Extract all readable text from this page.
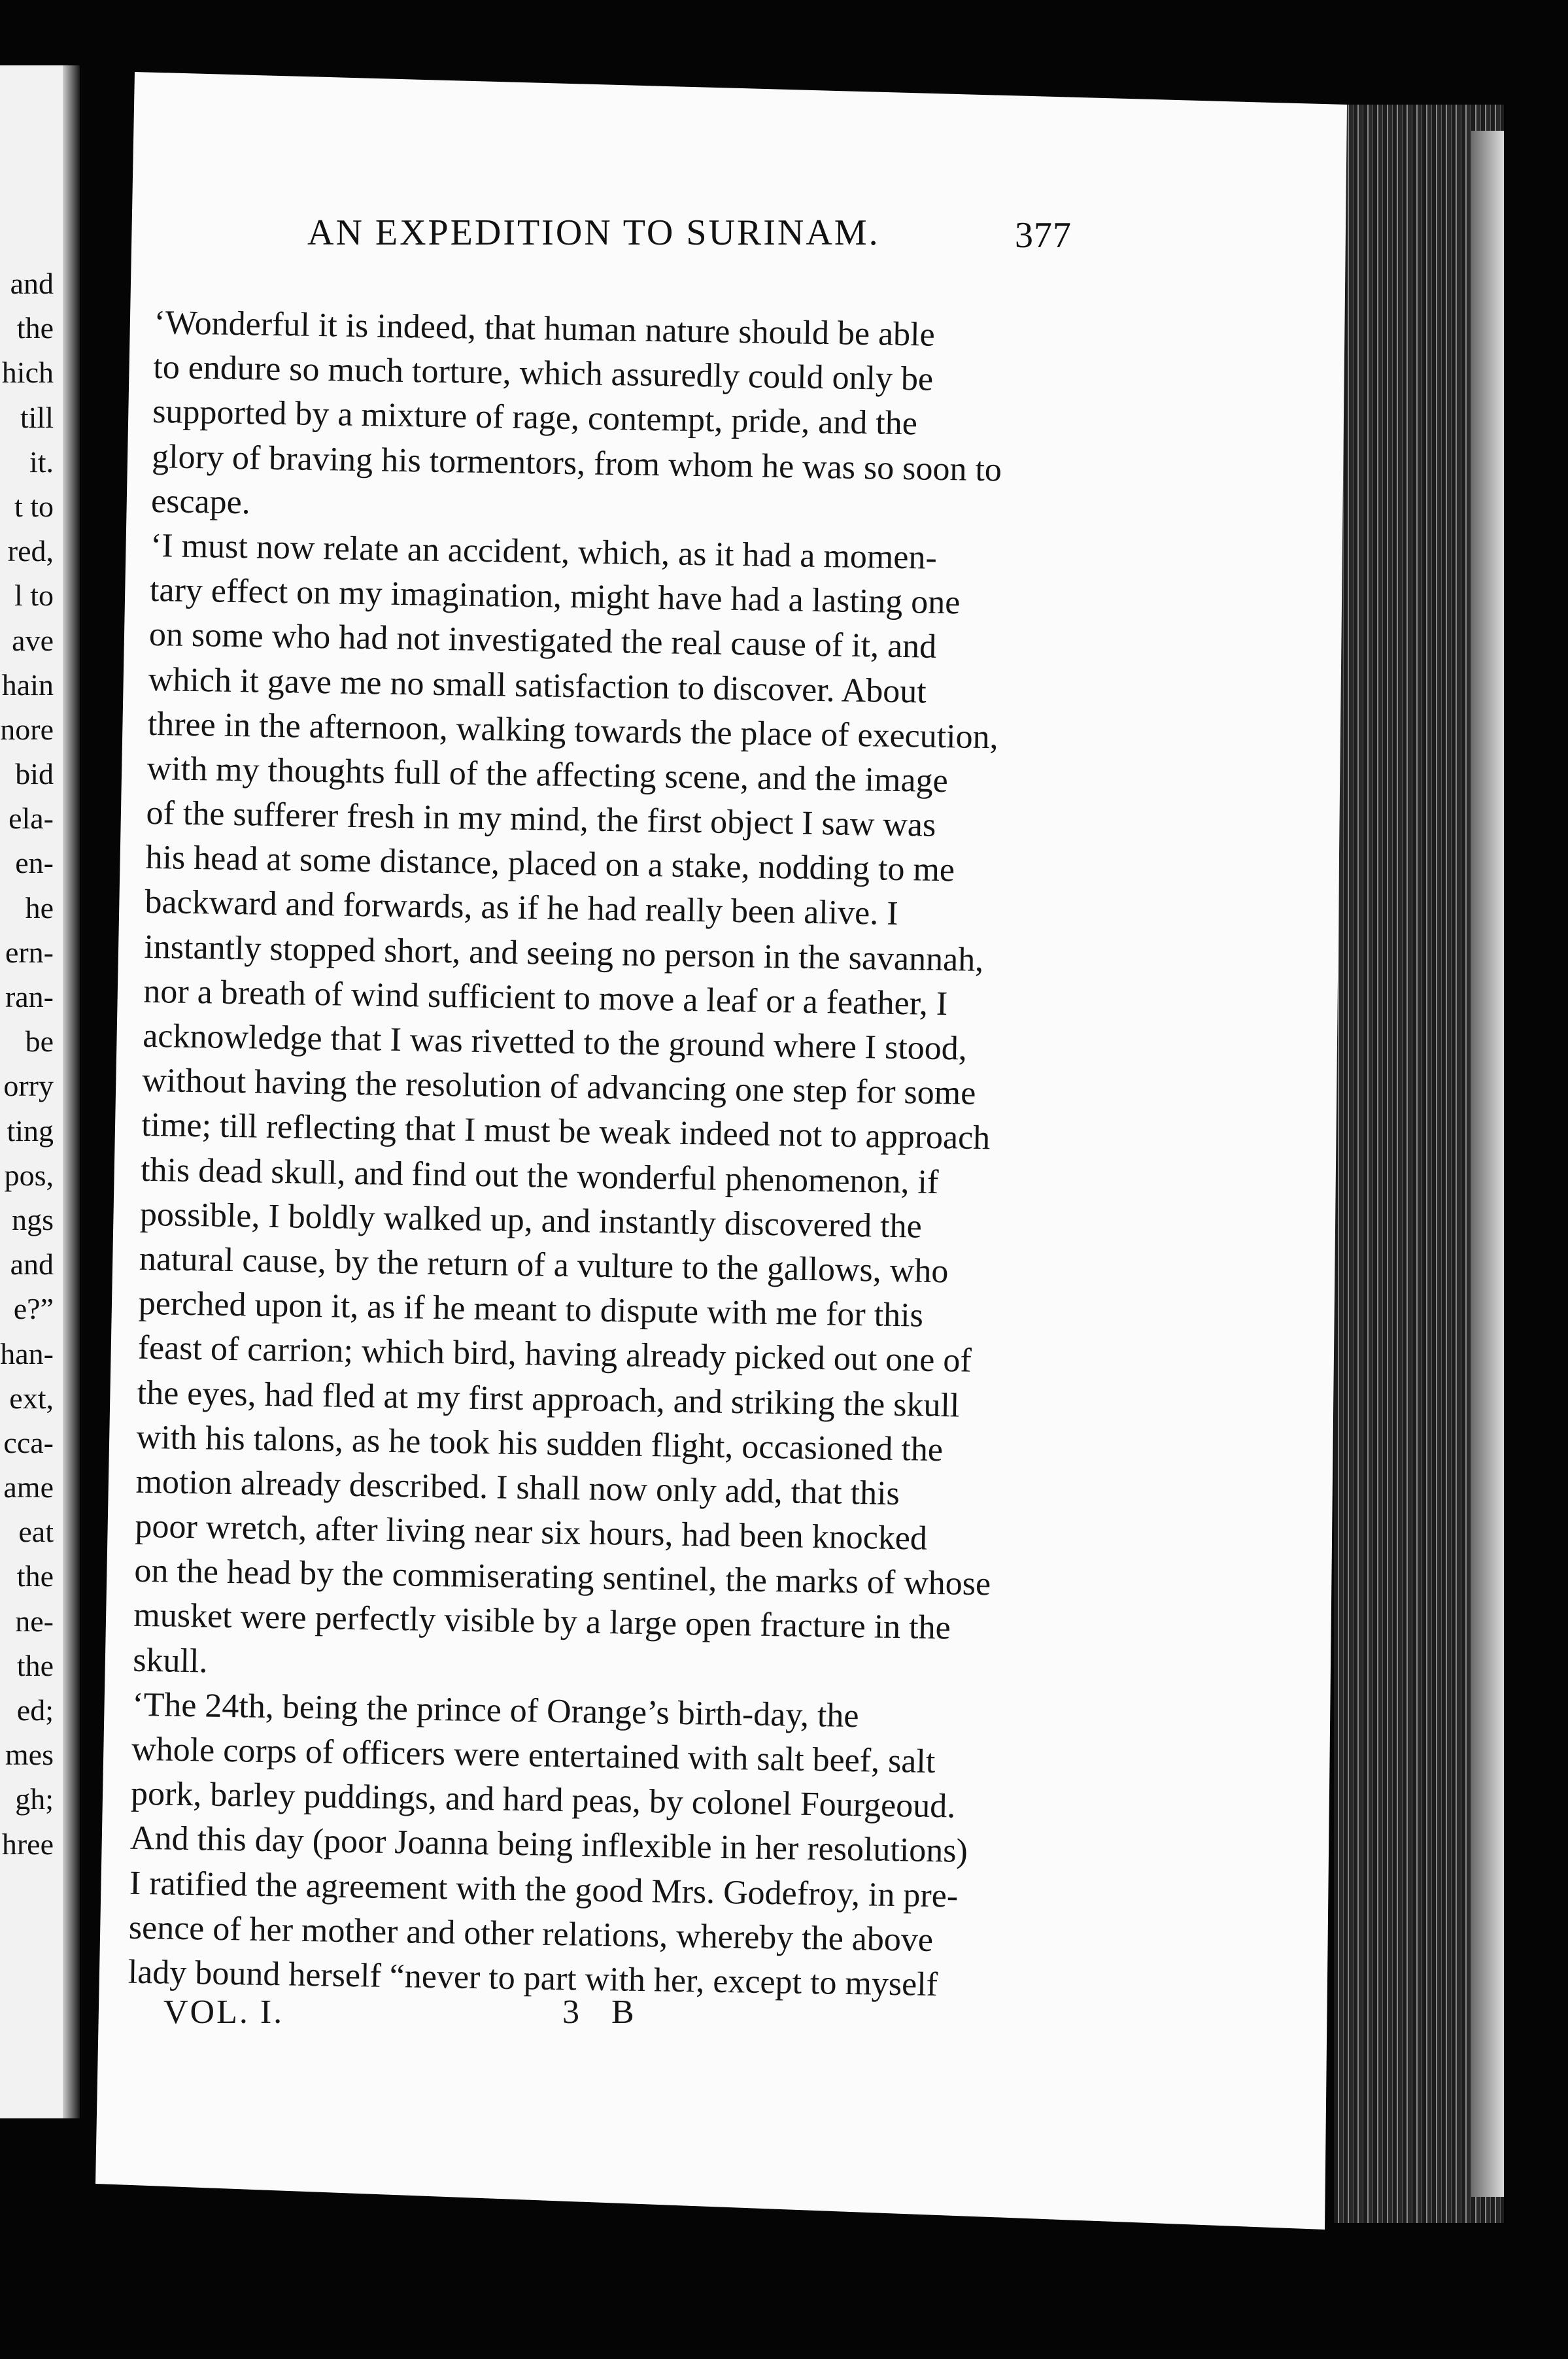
and
the
hich
till
it.
t to
red,
l to
ave
hain
nore
bid
ela-
en-
he
ern-
ran-
be
orry
ting
pos,
ngs
and
e?”
han-
ext,
cca-
ame
eat
the
ne-
the
ed;
mes
gh;
hree
AN EXPEDITION TO SURINAM.	377
‘Wonderful it is indeed, that human nature should be able
to endure so much torture, which assuredly could only be
supported by a mixture of rage, contempt, pride, and the
glory of braving his tormentors, from whom he was so soon to
escape.
‘I must now relate an accident, which, as it had a momen-
tary effect on my imagination, might have had a lasting one
on some who had not investigated the real cause of it, and
which it gave me no small satisfaction to discover. About
three in the afternoon, walking towards the place of execution,
with my thoughts full of the affecting scene, and the image
of the sufferer fresh in my mind, the first object I saw was
his head at some distance, placed on a stake, nodding to me
backward and forwards, as if he had really been alive. I
instantly stopped short, and seeing no person in the savannah,
nor a breath of wind sufficient to move a leaf or a feather, I
acknowledge that I was rivetted to the ground where I stood,
without having the resolution of advancing one step for some
time; till reflecting that I must be weak indeed not to approach
this dead skull, and find out the wonderful phenomenon, if
possible, I boldly walked up, and instantly discovered the
natural cause, by the return of a vulture to the gallows, who
perched upon it, as if he meant to dispute with me for this
feast of carrion; which bird, having already picked out one of
the eyes, had fled at my first approach, and striking the skull
with his talons, as he took his sudden flight, occasioned the
motion already described. I shall now only add, that this
poor wretch, after living near six hours, had been knocked
on the head by the commiserating sentinel, the marks of whose
musket were perfectly visible by a large open fracture in the
skull.
‘The 24th, being the prince of Orange’s birth-day, the
whole corps of officers were entertained with salt beef, salt
pork, barley puddings, and hard peas, by colonel Fourgeoud.
And this day (poor Joanna being inflexible in her resolutions)
I ratified the agreement with the good Mrs. Godefroy, in pre-
sence of her mother and other relations, whereby the above
lady bound herself “never to part with her, except to myself
VOL. I.	3 B
